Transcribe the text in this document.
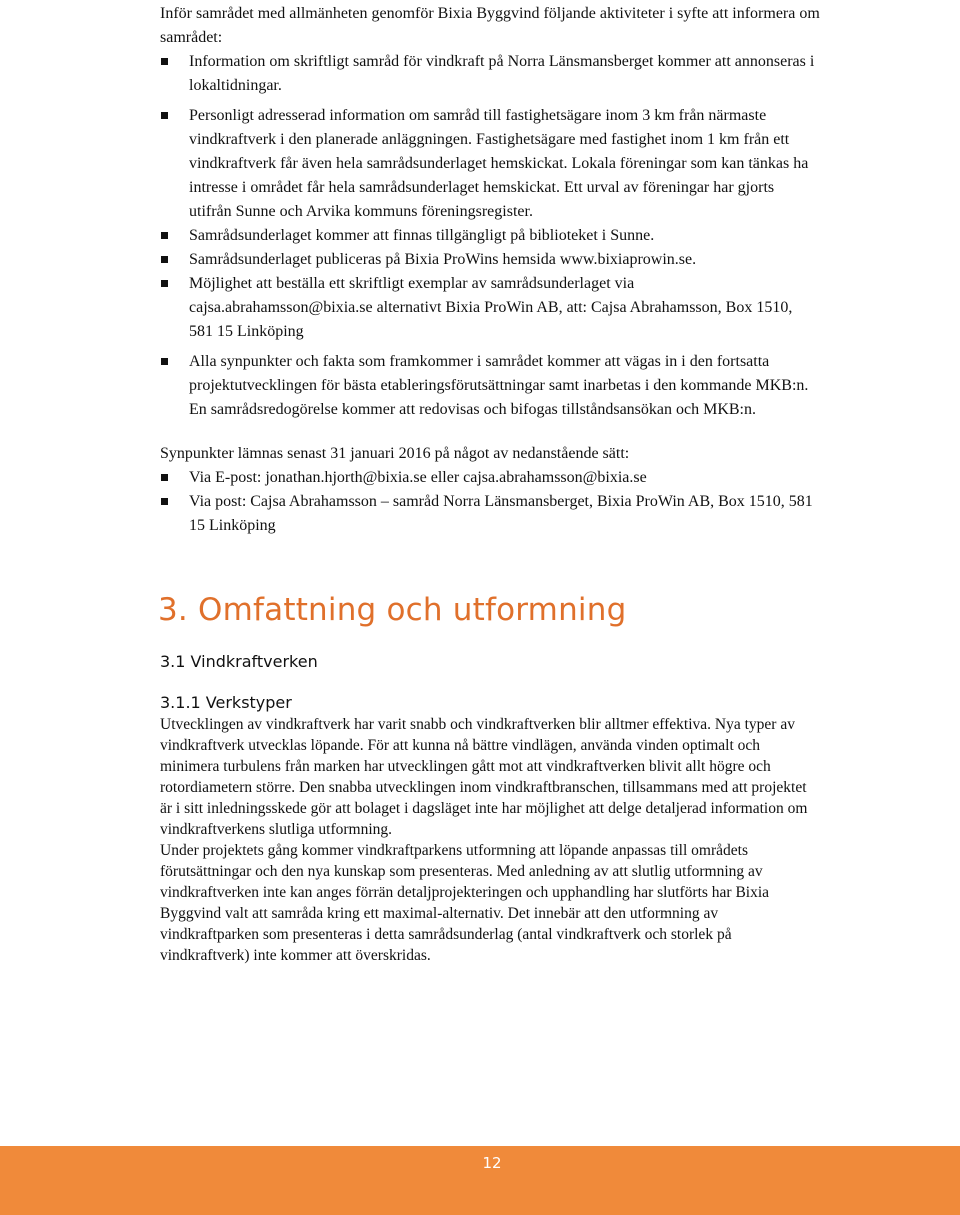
Inför samrådet med allmänheten genomför Bixia Byggvind följande aktiviteter i syfte att informera om samrådet:

Information om skriftligt samråd för vindkraft på Norra Länsmansberget kommer att annonseras i lokaltidningar.
Personligt adresserad information om samråd till fastighetsägare inom 3 km från närmaste vindkraftverk i den planerade anläggningen. Fastighetsägare med fastighet inom 1 km från ett vindkraftverk får även hela samrådsunderlaget hemskickat. Lokala föreningar som kan tänkas ha intresse i området får hela samrådsunderlaget hemskickat. Ett urval av föreningar har gjorts utifrån Sunne och Arvika kommuns föreningsregister.
Samrådsunderlaget kommer att finnas tillgängligt på biblioteket i Sunne.
Samrådsunderlaget publiceras på Bixia ProWins hemsida www.bixiaprowin.se.
Möjlighet att beställa ett skriftligt exemplar av samrådsunderlaget via cajsa.abrahamsson@bixia.se alternativt Bixia ProWin AB, att: Cajsa Abrahamsson, Box 1510, 581 15 Linköping
Alla synpunkter och fakta som framkommer i samrådet kommer att vägas in i den fortsatta projektutvecklingen för bästa etableringsförutsättningar samt inarbetas i den kommande MKB:n. En samrådsredogörelse kommer att redovisas och bifogas tillståndsansökan och MKB:n.

Synpunkter lämnas senast 31 januari 2016 på något av nedanstående sätt:

Via E-post: jonathan.hjorth@bixia.se eller cajsa.abrahamsson@bixia.se
Via post: Cajsa Abrahamsson – samråd Norra Länsmansberget, Bixia ProWin AB, Box 1510, 581 15 Linköping
3. Omfattning och utformning
3.1 Vindkraftverken
3.1.1 Verkstyper

Utvecklingen av vindkraftverk har varit snabb och vindkraftverken blir alltmer effektiva. Nya typer av vindkraftverk utvecklas löpande. För att kunna nå bättre vindlägen, använda vinden optimalt och minimera turbulens från marken har utvecklingen gått mot att vindkraftverken blivit allt högre och rotordiametern större. Den snabba utvecklingen inom vindkraftbranschen, tillsammans med att projektet är i sitt inledningsskede gör att bolaget i dagsläget inte har möjlighet att delge detaljerad information om vindkraftverkens slutliga utformning.

Under projektets gång kommer vindkraftparkens utformning att löpande anpassas till områdets förutsättningar och den nya kunskap som presenteras. Med anledning av att slutlig utformning av vindkraftverken inte kan anges förrän detaljprojekteringen och upphandling har slutförts har Bixia Byggvind valt att samråda kring ett maximal-alternativ. Det innebär att den utformning av vindkraftparken som presenteras i detta samrådsunderlag (antal vindkraftverk och storlek på vindkraftverk) inte kommer att överskridas.

12
